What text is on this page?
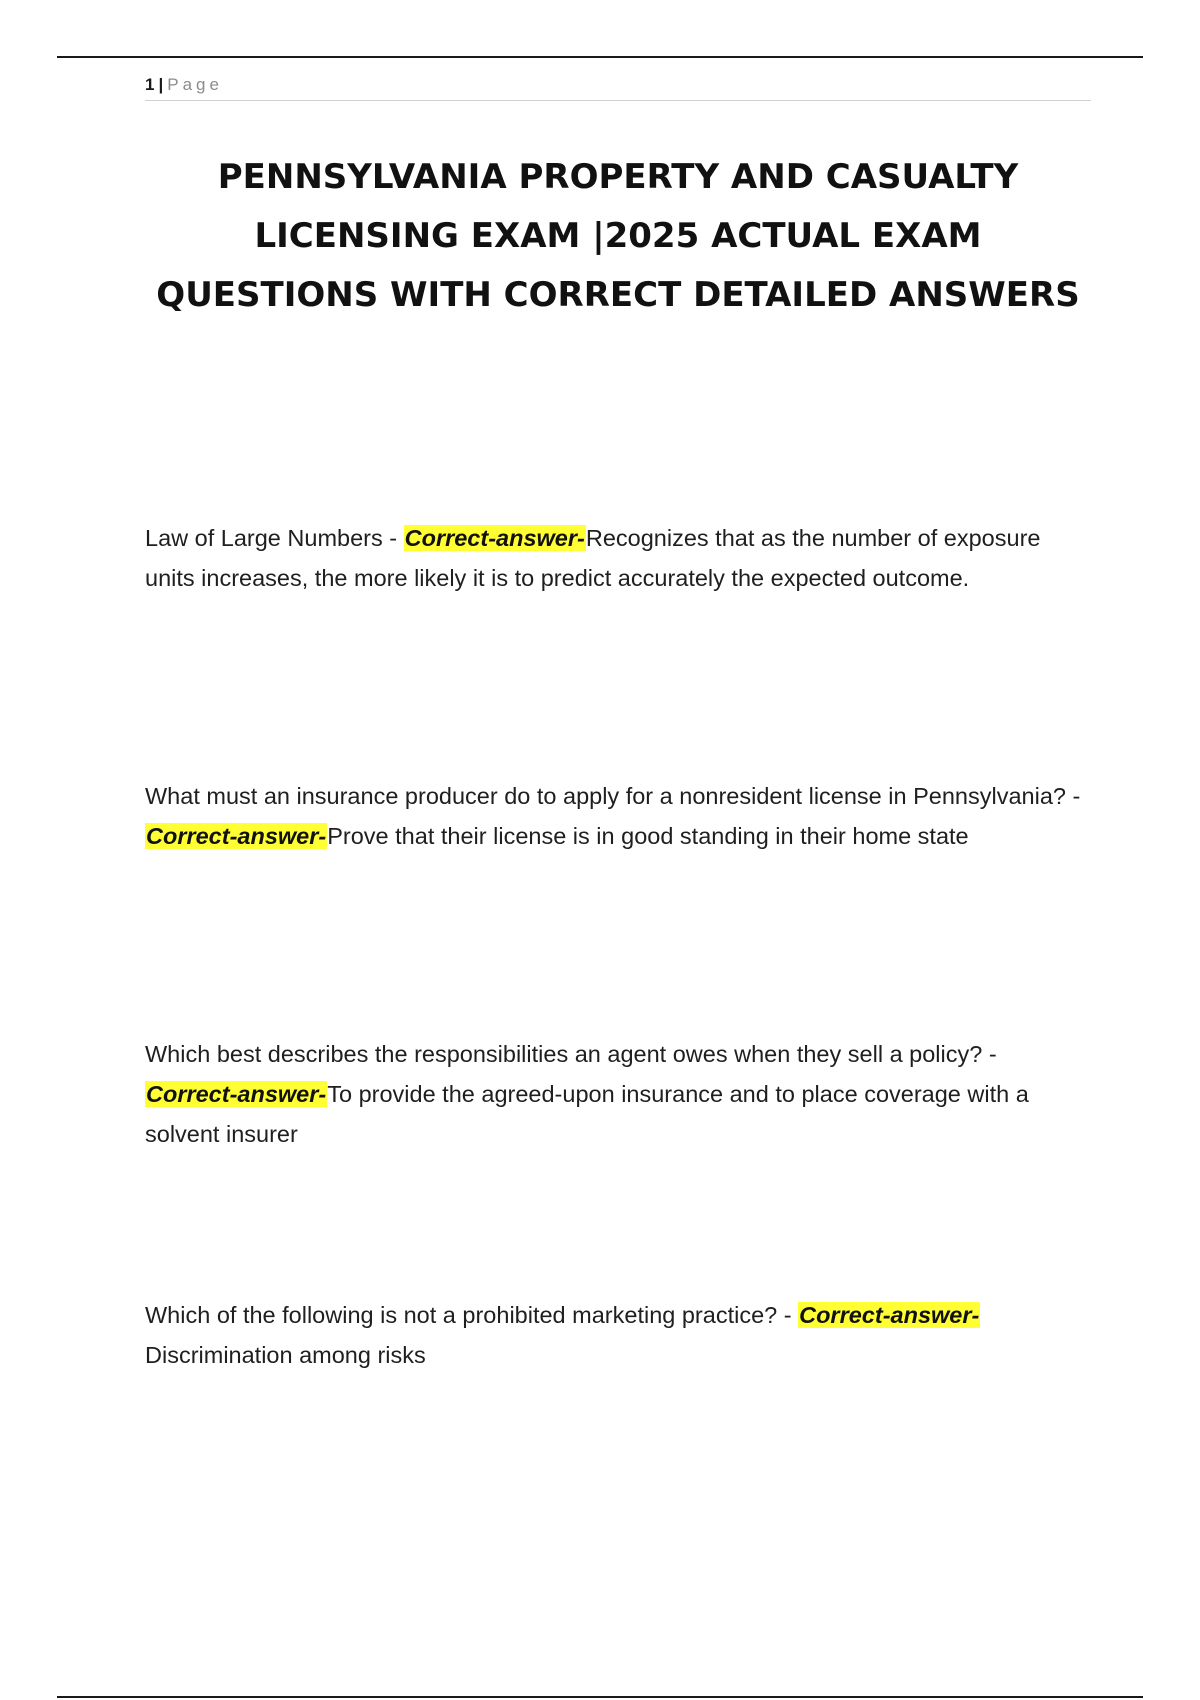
1 | Page
PENNSYLVANIA PROPERTY AND CASUALTY LICENSING EXAM |2025 ACTUAL EXAM QUESTIONS WITH CORRECT DETAILED ANSWERS

Law of Large Numbers - Correct-answer-Recognizes that as the number of exposure units increases, the more likely it is to predict accurately the expected outcome.

What must an insurance producer do to apply for a nonresident license in Pennsylvania? - Correct-answer-Prove that their license is in good standing in their home state

Which best describes the responsibilities an agent owes when they sell a policy? - Correct-answer-To provide the agreed-upon insurance and to place coverage with a solvent insurer

Which of the following is not a prohibited marketing practice? - Correct-answer-Discrimination among risks
